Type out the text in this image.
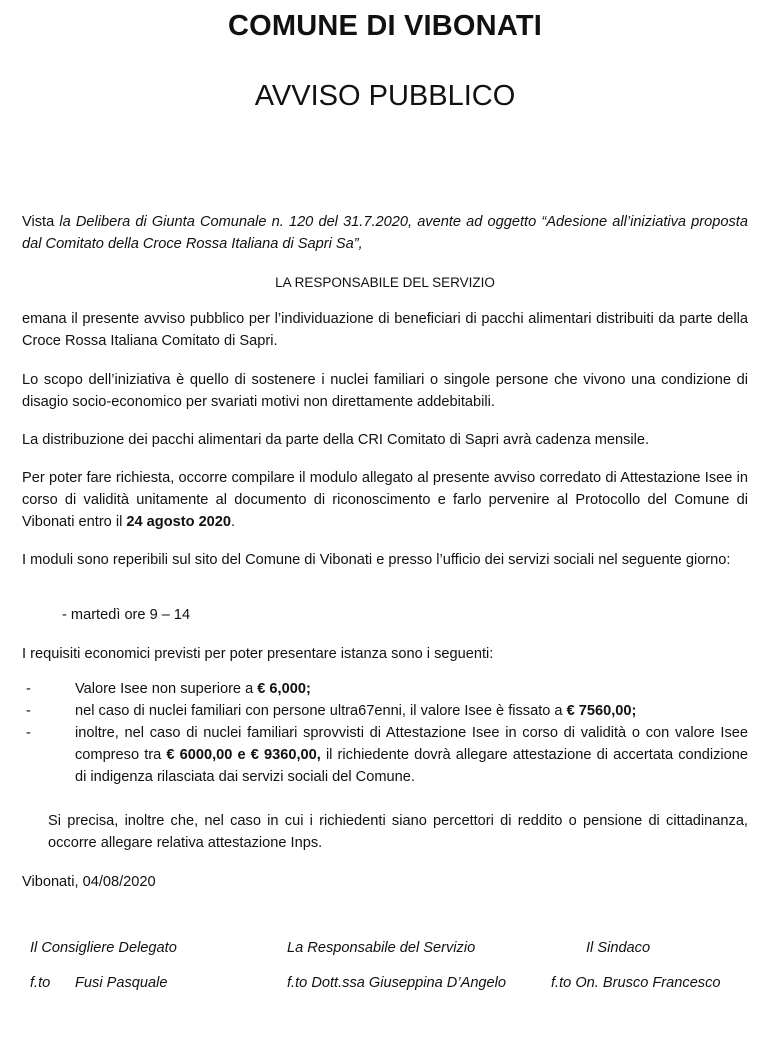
COMUNE DI VIBONATI
AVVISO PUBBLICO

Vista la Delibera di Giunta Comunale n. 120 del 31.7.2020, avente ad oggetto “Adesione all’iniziativa proposta dal Comitato della Croce Rossa Italiana di Sapri Sa”,

LA RESPONSABILE DEL SERVIZIO

emana il presente avviso pubblico per l’individuazione di beneficiari di pacchi alimentari distribuiti da parte della Croce Rossa Italiana Comitato di Sapri.

Lo scopo dell’iniziativa è quello di sostenere i nuclei familiari o singole persone che vivono una condizione di disagio socio-economico per svariati motivi non direttamente addebitabili.

La distribuzione dei pacchi alimentari da parte della CRI Comitato di Sapri avrà cadenza mensile.

Per poter fare richiesta, occorre compilare il modulo allegato al presente avviso corredato di Attestazione Isee in corso di validità unitamente al documento di riconoscimento e farlo pervenire al Protocollo del Comune di Vibonati entro il 24 agosto 2020.

I moduli sono reperibili sul sito del Comune di Vibonati e presso l’ufficio dei servizi sociali nel seguente giorno:

- martedì ore 9 – 14

I requisiti economici previsti per poter presentare istanza sono i seguenti:

-	Valore Isee non superiore a € 6,000;
-	nel caso di nuclei familiari con persone ultra67enni, il valore Isee è fissato a € 7560,00;
-	inoltre, nel caso di nuclei familiari sprovvisti di Attestazione Isee in corso di validità o con valore Isee compreso tra € 6000,00 e € 9360,00, il richiedente dovrà allegare attestazione di accertata condizione di indigenza rilasciata dai servizi sociali del Comune.

Si precisa, inoltre che, nel caso in cui i richiedenti siano percettori di reddito o pensione di cittadinanza, occorre allegare relativa attestazione Inps.

Vibonati, 04/08/2020
Il Consigliere Delegato
f.to Fusi Pasquale
La Responsabile del Servizio
f.to Dott.ssa Giuseppina D’Angelo
Il Sindaco
f.to On. Brusco Francesco
